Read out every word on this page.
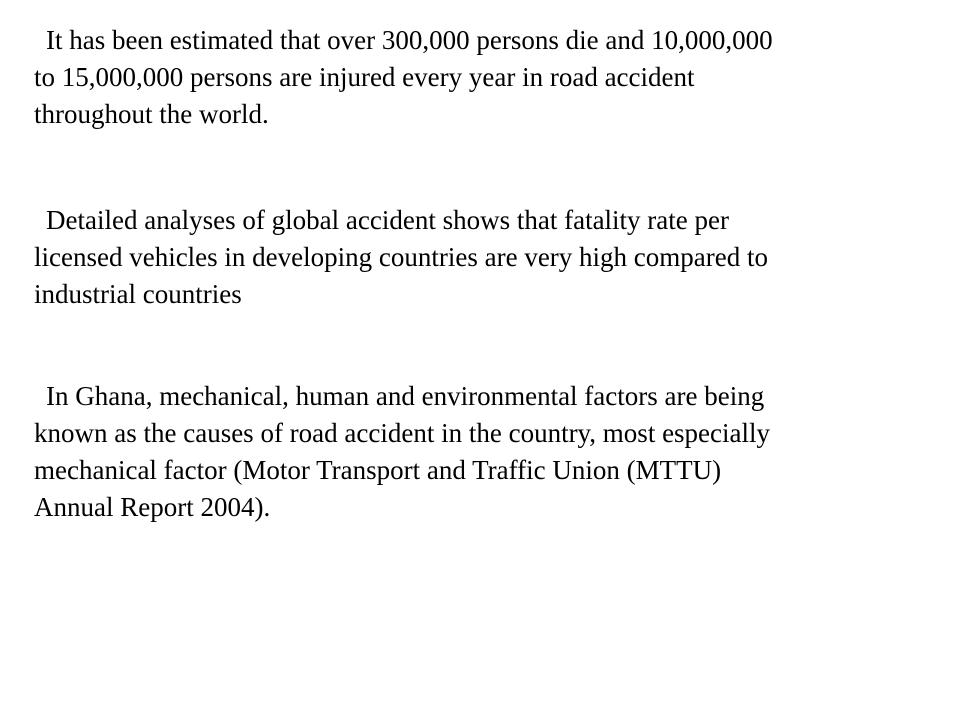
It has been estimated that over 300,000 persons die and 10,000,000
to 15,000,000 persons are injured every year in road accident
throughout the world.

Detailed analyses of global accident shows that fatality rate per
licensed vehicles in developing countries are very high compared to
industrial countries

In Ghana, mechanical, human and environmental factors are being
known as the causes of road accident in the country, most especially
mechanical factor (Motor Transport and Traffic Union (MTTU)
Annual Report 2004).
